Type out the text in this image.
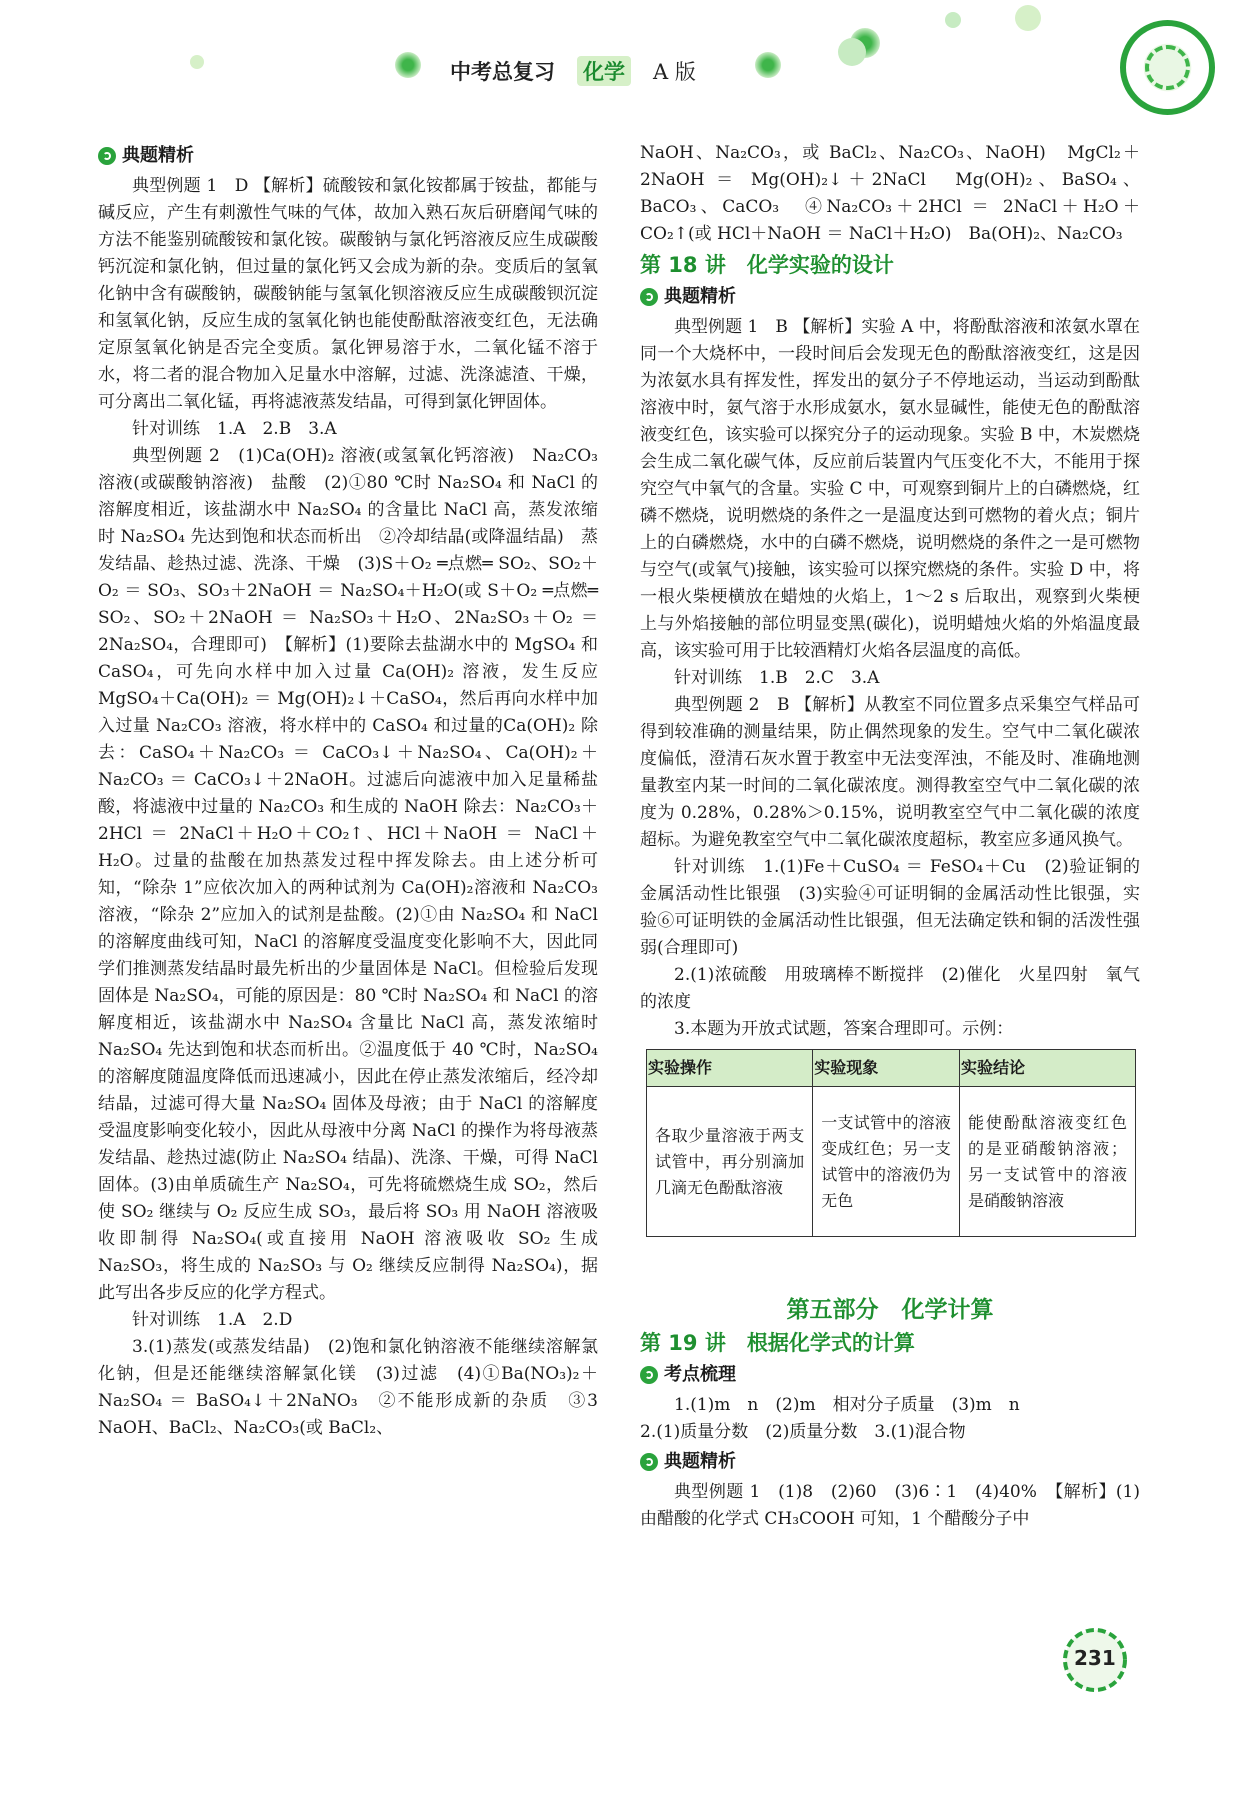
中考总复习 化学 A 版
典题精析

典型例题 1　D 【解析】硫酸铵和氯化铵都属于铵盐，都能与碱反应，产生有刺激性气味的气体，故加入熟石灰后研磨闻气味的方法不能鉴别硫酸铵和氯化铵。碳酸钠与氯化钙溶液反应生成碳酸钙沉淀和氯化钠，但过量的氯化钙又会成为新的杂。变质后的氢氧化钠中含有碳酸钠，碳酸钠能与氢氧化钡溶液反应生成碳酸钡沉淀和氢氧化钠，反应生成的氢氧化钠也能使酚酞溶液变红色，无法确定原氢氧化钠是否完全变质。氯化钾易溶于水，二氧化锰不溶于水，将二者的混合物加入足量水中溶解，过滤、洗涤滤渣、干燥，可分离出二氧化锰，再将滤液蒸发结晶，可得到氯化钾固体。

针对训练　1.A　2.B　3.A

典型例题 2　(1)Ca(OH)₂ 溶液(或氢氧化钙溶液)　Na₂CO₃ 溶液(或碳酸钠溶液)　盐酸　(2)①80 ℃时 Na₂SO₄ 和 NaCl 的溶解度相近，该盐湖水中 Na₂SO₄ 的含量比 NaCl 高，蒸发浓缩时 Na₂SO₄ 先达到饱和状态而析出　②冷却结晶(或降温结晶)　蒸发结晶、趁热过滤、洗涤、干燥　(3)S＋O₂ ═点燃═ SO₂、SO₂＋O₂ ＝ SO₃、SO₃＋2NaOH ＝ Na₂SO₄＋H₂O(或 S＋O₂ ═点燃═ SO₂、SO₂＋2NaOH ＝ Na₂SO₃＋H₂O、2Na₂SO₃＋O₂ ＝ 2Na₂SO₄，合理即可)　【解析】(1)要除去盐湖水中的 MgSO₄ 和 CaSO₄，可先向水样中加入过量 Ca(OH)₂ 溶液，发生反应 MgSO₄＋Ca(OH)₂ ＝ Mg(OH)₂↓＋CaSO₄，然后再向水样中加入过量 Na₂CO₃ 溶液，将水样中的 CaSO₄ 和过量的Ca(OH)₂ 除去：CaSO₄＋Na₂CO₃ ＝ CaCO₃↓＋Na₂SO₄、Ca(OH)₂＋Na₂CO₃ ＝ CaCO₃↓＋2NaOH。过滤后向滤液中加入足量稀盐酸，将滤液中过量的 Na₂CO₃ 和生成的 NaOH 除去：Na₂CO₃＋2HCl ＝ 2NaCl＋H₂O＋CO₂↑、HCl＋NaOH ＝ NaCl＋H₂O。过量的盐酸在加热蒸发过程中挥发除去。由上述分析可知，“除杂 1”应依次加入的两种试剂为 Ca(OH)₂溶液和 Na₂CO₃ 溶液，“除杂 2”应加入的试剂是盐酸。(2)①由 Na₂SO₄ 和 NaCl 的溶解度曲线可知，NaCl 的溶解度受温度变化影响不大，因此同学们推测蒸发结晶时最先析出的少量固体是 NaCl。但检验后发现固体是 Na₂SO₄，可能的原因是：80 ℃时 Na₂SO₄ 和 NaCl 的溶解度相近，该盐湖水中 Na₂SO₄ 含量比 NaCl 高，蒸发浓缩时 Na₂SO₄ 先达到饱和状态而析出。②温度低于 40 ℃时，Na₂SO₄ 的溶解度随温度降低而迅速减小，因此在停止蒸发浓缩后，经冷却结晶，过滤可得大量 Na₂SO₄ 固体及母液；由于 NaCl 的溶解度受温度影响变化较小，因此从母液中分离 NaCl 的操作为将母液蒸发结晶、趁热过滤(防止 Na₂SO₄ 结晶)、洗涤、干燥，可得 NaCl 固体。(3)由单质硫生产 Na₂SO₄，可先将硫燃烧生成 SO₂，然后使 SO₂ 继续与 O₂ 反应生成 SO₃，最后将 SO₃ 用 NaOH 溶液吸收即制得 Na₂SO₄(或直接用 NaOH 溶液吸收 SO₂ 生成 Na₂SO₃，将生成的 Na₂SO₃ 与 O₂ 继续反应制得 Na₂SO₄)，据此写出各步反应的化学方程式。

针对训练　1.A　2.D

3.(1)蒸发(或蒸发结晶)　(2)饱和氯化钠溶液不能继续溶解氯化钠，但是还能继续溶解氯化镁　(3)过滤　(4)①Ba(NO₃)₂＋Na₂SO₄ ＝ BaSO₄↓＋2NaNO₃　②不能形成新的杂质　③3　NaOH、BaCl₂、Na₂CO₃(或 BaCl₂、

NaOH、Na₂CO₃，或 BaCl₂、Na₂CO₃、NaOH)　MgCl₂＋2NaOH ＝ Mg(OH)₂↓＋2NaCl　Mg(OH)₂、BaSO₄、BaCO₃、CaCO₃　④Na₂CO₃＋2HCl ＝ 2NaCl＋H₂O＋CO₂↑(或 HCl＋NaOH ＝ NaCl＋H₂O)　Ba(OH)₂、Na₂CO₃

第 18 讲　化学实验的设计
典题精析

典型例题 1　B 【解析】实验 A 中，将酚酞溶液和浓氨水罩在同一个大烧杯中，一段时间后会发现无色的酚酞溶液变红，这是因为浓氨水具有挥发性，挥发出的氨分子不停地运动，当运动到酚酞溶液中时，氨气溶于水形成氨水，氨水显碱性，能使无色的酚酞溶液变红色，该实验可以探究分子的运动现象。实验 B 中，木炭燃烧会生成二氧化碳气体，反应前后装置内气压变化不大，不能用于探究空气中氧气的含量。实验 C 中，可观察到铜片上的白磷燃烧，红磷不燃烧，说明燃烧的条件之一是温度达到可燃物的着火点；铜片上的白磷燃烧，水中的白磷不燃烧，说明燃烧的条件之一是可燃物与空气(或氧气)接触，该实验可以探究燃烧的条件。实验 D 中，将一根火柴梗横放在蜡烛的火焰上，1～2 s 后取出，观察到火柴梗上与外焰接触的部位明显变黑(碳化)，说明蜡烛火焰的外焰温度最高，该实验可用于比较酒精灯火焰各层温度的高低。

针对训练　1.B　2.C　3.A

典型例题 2　B 【解析】从教室不同位置多点采集空气样品可得到较准确的测量结果，防止偶然现象的发生。空气中二氧化碳浓度偏低，澄清石灰水置于教室中无法变浑浊，不能及时、准确地测量教室内某一时间的二氧化碳浓度。测得教室空气中二氧化碳的浓度为 0.28%，0.28%＞0.15%，说明教室空气中二氧化碳的浓度超标。为避免教室空气中二氧化碳浓度超标，教室应多通风换气。

针对训练　1.(1)Fe＋CuSO₄ ＝ FeSO₄＋Cu　(2)验证铜的金属活动性比银强　(3)实验④可证明铜的金属活动性比银强，实验⑥可证明铁的金属活动性比银强，但无法确定铁和铜的活泼性强弱(合理即可)

2.(1)浓硫酸　用玻璃棒不断搅拌　(2)催化　火星四射　氧气的浓度

3.本题为开放式试题，答案合理即可。示例：

实验操作	实验现象	实验结论
各取少量溶液于两支试管中，再分别滴加几滴无色酚酞溶液	一支试管中的溶液变成红色；另一支试管中的溶液仍为无色	能使酚酞溶液变红色的是亚硝酸钠溶液；另一支试管中的溶液是硝酸钠溶液
第五部分　化学计算
第 19 讲　根据化学式的计算
考点梳理

1.(1)m　n　(2)m　相对分子质量　(3)m　n

2.(1)质量分数　(2)质量分数　3.(1)混合物

典题精析

典型例题 1　(1)8　(2)60　(3)6∶1　(4)40%　【解析】(1)由醋酸的化学式 CH₃COOH 可知，1 个醋酸分子中

231
